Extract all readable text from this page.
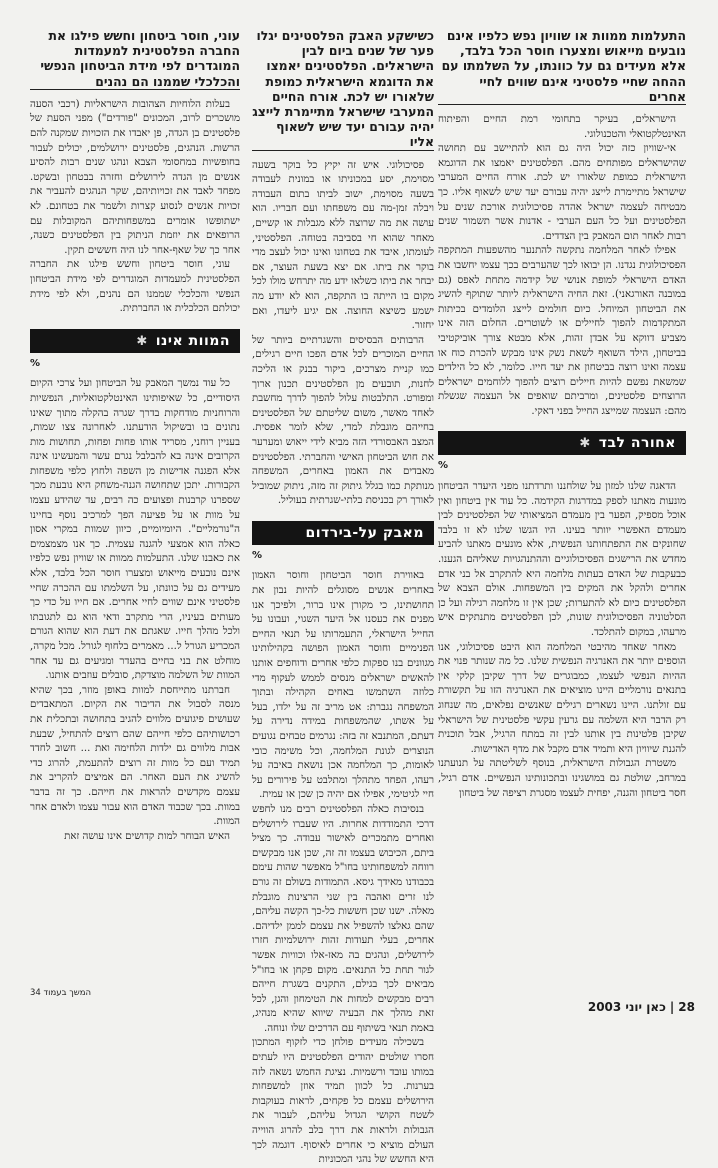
התעלמות ממוות או שוויון נפש כלפיו אינם נובעים מייאוש ומצערו חוסר הכל בלבד, אלא מעידים גם על כוונתו, על השלמתו עם ההחה שחיי פלסטיני אינם שווים לחיי אחרים

הישראלים, בעיקר בתחומי רמת החיים והפיתוח האינטלקטואלי והטכנולוגי.

אי-שוויון כזה יכול היה גם הוא להתיישב עם תחושה שהישראלים מפותחים מהם. הפלסטינים יאמצו את הדוגמא הישראלית כמופת שלאורו יש לכת. אורח החיים המערבי שישראל מתיימרת לייצג יהיה עבורם יעד שיש לשאוף אליו. כך מבטיחה לעצמה ישראל אהדה פסיכולוגית אורכת שנים על הפלסטינים ועל כל העם הערבי - אדנות אשר תשמור שנים רבות לאחר תום המאבק בין הצדדים.

אפילו לאחר המלחמה נתקשה להתנער מהשפעות המתקפה הפסיכולוגית נגדנו. הן יבואו לכך שהערבים בכך עצמו יחשבו את האדם הישראלי למופת אנושי של קידמה מתחת לאפס (גם במובנה האורגאני). זאת החיה הישראלית ליותר שתוקף להשיג את הביטחון המיוחל. כיום חולמים לייצג הלומדים בכיתות המתקדמות להפוך לחיילים או לשוטרים. החלום הזה אינו מצביע דווקא על אבדן זהות, אלא מבטא צורך אוביקטיבי בביטחון, הילד השואף לשאת נשק אינו מבקש להכרת כוח או עצמה ואינו רוצה בביטחון את יעד חייו. כלומר, לא כל הילדים שמשאת נפשם להיות חיילים רוצים להפוך ללוחמים ישראלים הרוצחים פלסטינים, ומרביתם שואפים אל העצמה שגשלת מהם: העצמה שמייצג החייל בפני דאקי.

אחורה לבד✱
%

הדאגה שלנו למזון על שולחננו ותרדתנו מפני היעדר הביטחון מונעות מאתנו לספק במדרגות הקידמה. כל עוד אין ביטחון ואין אוכל מספיק, הפער בין מעמדם המציאותי של הפלסטינים לבין מעמדם האפשרי יוותר בעינו. היו הגשו שלנו לא זו בלבד שחונקים את התפתחותנו הנפשית, אלא מונעים מאתנו להביע מחדש את הרישגים הפסיכולוגיים וההתנהגויות שאליהם הגענו. כבעקבות של האדם בעתות מלחמה היא להתקרב אל בני אדם אחרים ולהקל את המקים בין המשפחות. אולם הצבא של הפלסטינים כיום לא להתערות; שכן אין זו מלחמה רגילה ועל כן הסלטוניה הפסיכולוגית שונות, לכן הפלסטינים מתנתקים איש מרעהו, במקום להתלכד.

מאחר שאחד מהיבטי המלחמה הוא היבט פסיכולוגי, אנו הוספים יותר את האנרגיה הנפשית שלנו. כל מה שנותר פנוי את ההיות הנפשי לעצמו, כמבוגרים של דרך שקיבן קלקי אין בתנאים נורמליים היינו מוציאים את האנרגיה הזו על תקשורת עם זולתנו. היינו נשארים רגילים שאנשים נפלאים, מה שנחוג רק הדבר היא השלמה עם גרעין עקשי פלסטינית של הישראלי שקיבן פלטינות בין אותנו לבין זה במתח הרגיל, אבל תוכנית להגנת שיוויון היא ותמיד אדם מקבל את מדף האדישות.

משטרת הגבולות הישראלית, בנוסף לשליטתה על תנועתנו במרחב, שולטת גם במושגינו ובתכונותינו הנפשיים. אדם רגיל, חסר ביטחון והגנה, יפחית לעצמו מסגרת רציפה של ביטחון

כשישקע האבק הפלסטינים יגלו פער של שנים ביום לבין הישראלים. הפלסטינים יאמצו את הדוגמא הישראלית כמופת שלאורו יש לכת. אורח החיים המערבי שישראל מתיימרת לייצג יהיה עבורם יעד שיש לשאוף אליו

פסיכולוגי. איש זה יקיץ כל בוקר בשעה מסוימת, יסע במכוניתו או במונית לעבודה בשעה מסוימת, ישוב לביתו בתום העבודה ויבלה זמן-מה עם משפחתו ועם חבריו. הוא עושה את מה שרוצה ללא מגבלות או קשיים, מאחר שהוא חי בסביבה בטוחה. הפלסטיני, לעומתו, איבד את בטחונו ואינו יכול לעצב מדי בוקר את ביתו. אם יצא בשעת העוצר, אם יבחר את ביתו כשלאו ידע מה יתרחש מולו לכל מקום בו הייתה בו התקפה, הוא לא יודע מה ישמע כשיצא החוצה. אם יגיע ליעדו, ואם יחזור.

הרבותים הבסיסים והשגרתיים ביותר של החיים המוכרים לכל אדם הפכו חיים רגילים, כמו קניית מצרכים, ביקור בבנק או הליכה לחנות, תובעים מן הפלסטינים תכנון ארוך ומפורט. התלבטות עלול להפוך לדרך מחשבת לאחד מאשר, משום שליטתם של הפלסטינים בחייהם מוגבלת למדי, שלא לומר אפסית. המצב האבסורדי הזה מביא לידי ייאוש ומערער את חוש הביטחון האישי והחברתי. הפלסטינים מאבדים את האמון באחרים, המשפחה מנותקת כמו בגלל גיתוק זה מזה, ניתוק שמוביל לאורך רק בכניסת בלתי-שגרתית בעוליל.

מאבק על-בירדום
%

באווירת חוסר הביטחון וחוסר האמון באחרים אנשים מסוגלים להיות נבון את תחושתינו, כי מקורן אינו ברור, ולפיכך אנו מפנים את כעסנו אל היעד השגוי, ועבונו על החייל הישראלי, התעמרותו על תנאי החיים הפנימיים וחוסר האמון הפושה בקהילותינו מגוונים בנו ספקות כלפי אחרים ודוחפים אותנו להאשים ישראלים מנסים לממש לעקוף מדי כלוזה השתמשו באחים הקהילה ובתוך המשפחה נגברת: אט מריב זה על ילדו, בעל על אשתו, שהמשפחות במידה נדירה על דעתם, המתנבא זה בזה: נגרמים טבחים נגועים הנוצרים לגונת המלחמה, וכל משימה כובי לאומות, כך המלחמה אכן נושאת באיבה על רעהו, הפחד מתהלך ומתלבט על פירורים על חיי לגיטימי, אפילו אם יהיה כן שכן או עמית.

בנסיבות כאלה הפלסטינים רבים מנו לחפש דרכי התמודדות אחרות. היו שעברו לירושלים ואחרים מתמכרים לאישור עבודה. כך מציל ביתם, הכיבוש בעצמו זה זה, שכן אנו מבקשים רווחה למשפחותינו בחו"ל מאפשר שהות עימם בכבודנו מאידך גיסא. התמודות בשולם זה גורם לנו זרים ואהבה בין שני הרצינות מוגבלת מאלה. ישנו שכן חששות כל-כך הקשה עליהם, שהם גאלצו להשפיל את עצמם לממן ילדיהם. אחרים, בעלי תעודות זהות ירושלמיות חזרו לירושלים, ונהגים בה מאז-אלו וכוויות אפשר לגור תחת כל התנאים. מקום פקחן או בחו"ל מביאים לכך בגילם, התקנים בשגרת חייהם רבים מבקשים למחות את הטימחון והגן, לכל זאת מהלך את הבעיה שיווא שהיא מנהיג, באמת תנאי בשיתוף עם הדרכים שלו ונוחה.

בשכילה מעידים פולחן כדי לזקוף המתכון חסרו שולטים יהודים הפלסטינים היו לעתים במותו עובד ורשמיות. נציגת החמש נשאה לזה בערנות. כל לכוון תמיד אוזן למשפחות הירושלים עצמם כל פקחים, לראות בעוקבות לשטח הקושי הגדול עליהם, לעבור את הגבולות ולראות את דרך בלב להרוג הווייה העולם מוציא כי אחרים לאיסוף. דוגמה לכך היא החשש של נהגי המכוניות

עוני, חוסר ביטחון וחשש פילגו את החברה הפלסטינית למעמדות המוגדרים לפי מידת הביטחון הנפשי והכלכלי שממנו הם נהנים

בעלות הלוחיות הצהובות הישראליות (רכבי הסעה מושכרים לרוב, המכונים "פורדים") מפני הסעת של פלסטינים בן הגדה, פן יאבדו את הזכויות שמקנה להם הרשות. הנהגים, פלסטינים ירושלמים, יכולים לעבור בחופשיות במחסומי הצבא ונהגו שנים רבות להסיע אנשים מן הגדה לירושלים וחזרה בבטחון ובשקט. מפחד לאבד את זכויותיהם, שקר הנהגים להעביר את זכויות אנשים לנסוע קצרות ולשמר את בטחונם. לא ישתופשו אומרים במשפחותיהם המקובלות עם הרופאים את יוזמת הניתוק בין הפלסטינים כשנה, אחר כך של שאף-אחר לנו היה חששים תקין.

עוני, חוסר ביטחון וחשש פילגו את החברה הפלסטינית למעמדות המוגדרים לפי מידת הביטחון הנפשי והכלכלי שממנו הם נהנים, ולא לפי מידת יכולתם הכלכלית או החברתית.

המוות אינו✱
%

כל עוד נמשך המאבק על הביטחון ועל צרכי הקיום היסודיים, כל שאיפותינו האינטלקטואליות, הנפשיות והרוחניות מודחקות בדרך שגרה בהקלה מתוך שאינו נתונים בו ובשיקול הודעתנו. לאחרונה צצו שמות, בעניין רוחני, מסריד אותו פחות ופחות, תחושות מות הקרובים אינה בא להבלבל נגרם עשר והמעשינו אינה אלא הפגנה אדישות מן השפה ולחוץ כלפי משפחות הקבורות. יתכן שתחושה הגנה-משחק היא נובעת מכך שספרנו קרבנות ופצועים כה רבים, עד שהידע עצמו על מוות או על פציעה הפך למרכיב נוסף בחיינו ה"נורמליים". היומיומיים, כיוון שמוות במקרי אסון כאלה הוא אמצעי להגנה עצמית. כך אנו מצמצמים את כאבנו שלנו. התעלמות ממוות או שוויון נפש כלפיו אינם נובעים מייאוש ומצערו חוסר הכל בלבד, אלא מעידים גם על כוונתו, על השלמתו עם ההכרה שחיי פלסטיני אינם שווים לחיי אחרים. אם חייו על כדי כך מעותים בעיניו, הרי מתקרב ודאי הוא גם לתגובתו ולכל מהלך חייו. שאגתם את דעת הוא שהוא הגורם המכריע הגורל ל... מאמרים בלחוף לגורל. מכל מקרה, מוחלט את בני בחיים בהעדר ומגיעים גם עד אחר המוות של השלמה מוצדקת, סובלים עוזבים אותנו.

חברתנו מתייחסת למוות באופן מוזר, בכך שהיא מנסה לסבול את הדיבור את הקיום. המתאבדים שעושים פיגועים מלווים להגיב בתחושה ובתכלית את רכושותיהם כלפי חייהם שהם רוצים להתחיל, שבעת אבות מלווים גם ילדות הלחימה ואת ... חשוב לחדד תמיד ועם כל מוות זה רוצים להתעמת, להרוג כדי להשיג את העם האחר. הם אמיצים להקריב את עצמם מקדשים להראות את חייהם. כך זה בדבר במוות. בכך שכבוד האדם הוא עבור עצמו ולאדם אחר המוות.

האיש הבוחר למות קדושים אינו עושה זאת

המשך בעמוד 34
28|כאן יוני 2003
